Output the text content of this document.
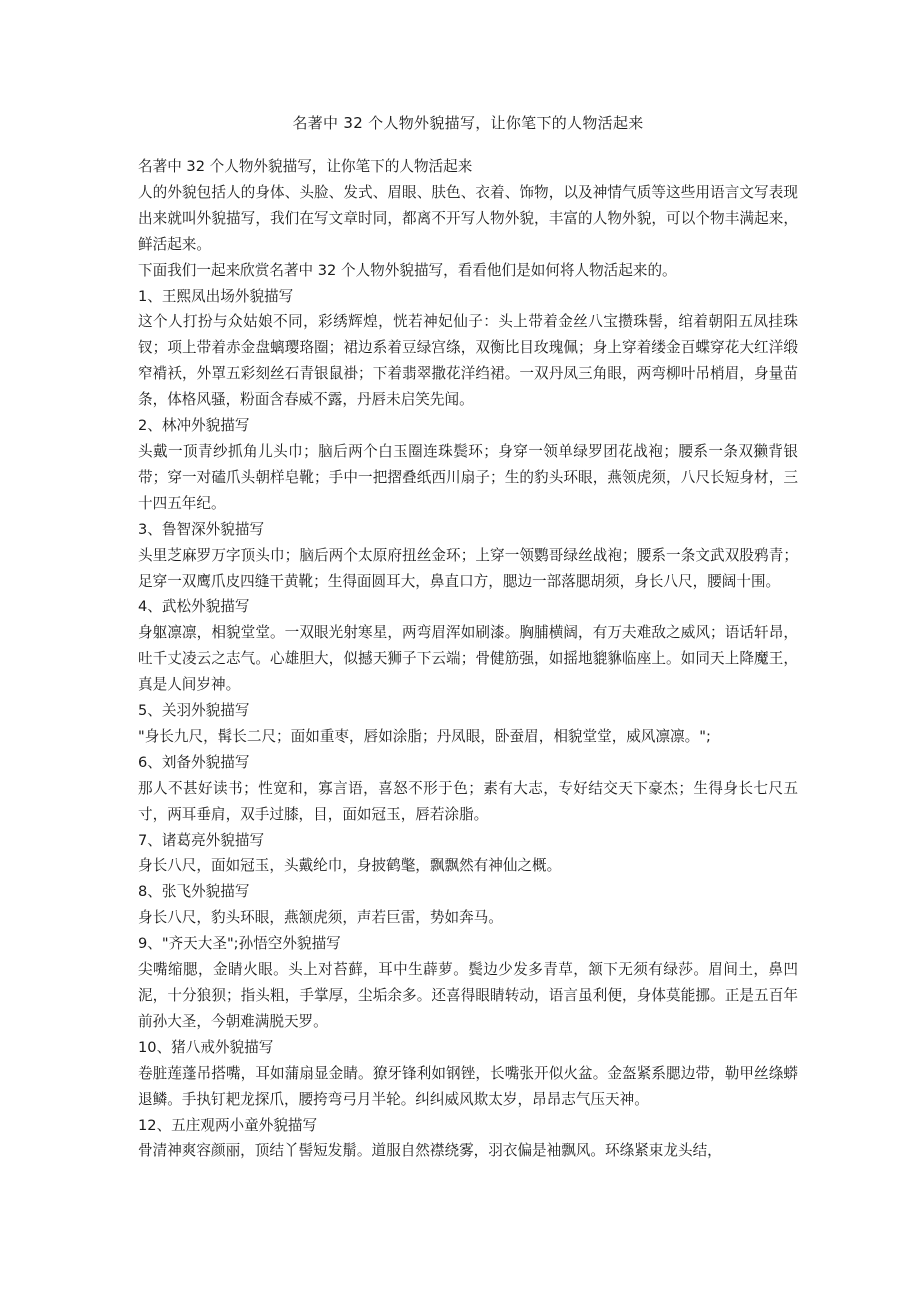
名著中 32 个人物外貌描写，让你笔下的人物活起来

名著中 32 个人物外貌描写，让你笔下的人物活起来

人的外貌包括人的身体、头脸、发式、眉眼、肤色、衣着、饰物，以及神情气质等这些用语言文写表现出来就叫外貌描写，我们在写文章时同，都离不开写人物外貌，丰富的人物外貌，可以个物丰满起来，鲜活起来。

下面我们一起来欣赏名著中 32 个人物外貌描写，看看他们是如何将人物活起来的。

1、王熙凤出场外貌描写

这个人打扮与众姑娘不同，彩绣辉煌，恍若神妃仙子：头上带着金丝八宝攒珠髻，绾着朝阳五凤挂珠钗；项上带着赤金盘螭璎珞圈；裙边系着豆绿宫绦，双衡比目玫瑰佩；身上穿着缕金百蝶穿花大红洋缎窄褙袄，外罩五彩刻丝石青银鼠褂；下着翡翠撒花洋绉裙。一双丹凤三角眼，两弯柳叶吊梢眉，身量苗条，体格风骚，粉面含春威不露，丹唇未启笑先闻。

2、林冲外貌描写

头戴一顶青纱抓角儿头巾；脑后两个白玉圈连珠鬓环；身穿一领单绿罗团花战袍；腰系一条双獭背银带；穿一对磕爪头朝样皂靴；手中一把摺叠纸西川扇子；生的豹头环眼，燕领虎须，八尺长短身材，三十四五年纪。

3、鲁智深外貌描写

头里芝麻罗万字顶头巾；脑后两个太原府扭丝金环；上穿一领鹦哥绿丝战袍；腰系一条文武双股鸦青；足穿一双鹰爪皮四缝干黄靴；生得面圆耳大，鼻直口方，腮边一部落腮胡须，身长八尺，腰阔十围。

4、武松外貌描写

身躯凛凛，相貌堂堂。一双眼光射寒星，两弯眉浑如刷漆。胸脯横阔，有万夫难敌之威风；语话轩昂，吐千丈凌云之志气。心雄胆大，似撼天狮子下云端；骨健筋强，如摇地貔貅临座上。如同天上降魔王，真是人间岁神。

5、关羽外貌描写

"身长九尺，髯长二尺；面如重枣，唇如涂脂；丹凤眼，卧蚕眉，相貌堂堂，威风凛凛。";

6、刘备外貌描写

那人不甚好读书；性宽和，寡言语，喜怒不形于色；素有大志，专好结交天下豪杰；生得身长七尺五寸，两耳垂肩，双手过膝，目，面如冠玉，唇若涂脂。

7、诸葛亮外貌描写

身长八尺，面如冠玉，头戴纶巾，身披鹤氅，飘飘然有神仙之概。

8、张飞外貌描写

身长八尺，豹头环眼，燕颔虎须，声若巨雷，势如奔马。

9、"齐天大圣";孙悟空外貌描写

尖嘴缩腮，金睛火眼。头上对苔藓，耳中生薜萝。鬓边少发多青草，颔下无须有绿莎。眉间土，鼻凹泥，十分狼狈；指头粗，手掌厚，尘垢余多。还喜得眼睛转动，语言虽利便，身体莫能挪。正是五百年前孙大圣，今朝难满脱天罗。

10、猪八戒外貌描写

卷脏莲蓬吊搭嘴，耳如蒲扇显金睛。獠牙锋利如钢锉，长嘴张开似火盆。金盔紧系腮边带，勒甲丝绦蟒退鳞。手执钉耙龙探爪，腰挎弯弓月半轮。纠纠威风欺太岁，昂昂志气压天神。

12、五庄观两小童外貌描写

骨清神爽容颜丽，顶结丫髻短发鬅。道服自然襟绕雾，羽衣偏是袖飘风。环绦紧束龙头结，
